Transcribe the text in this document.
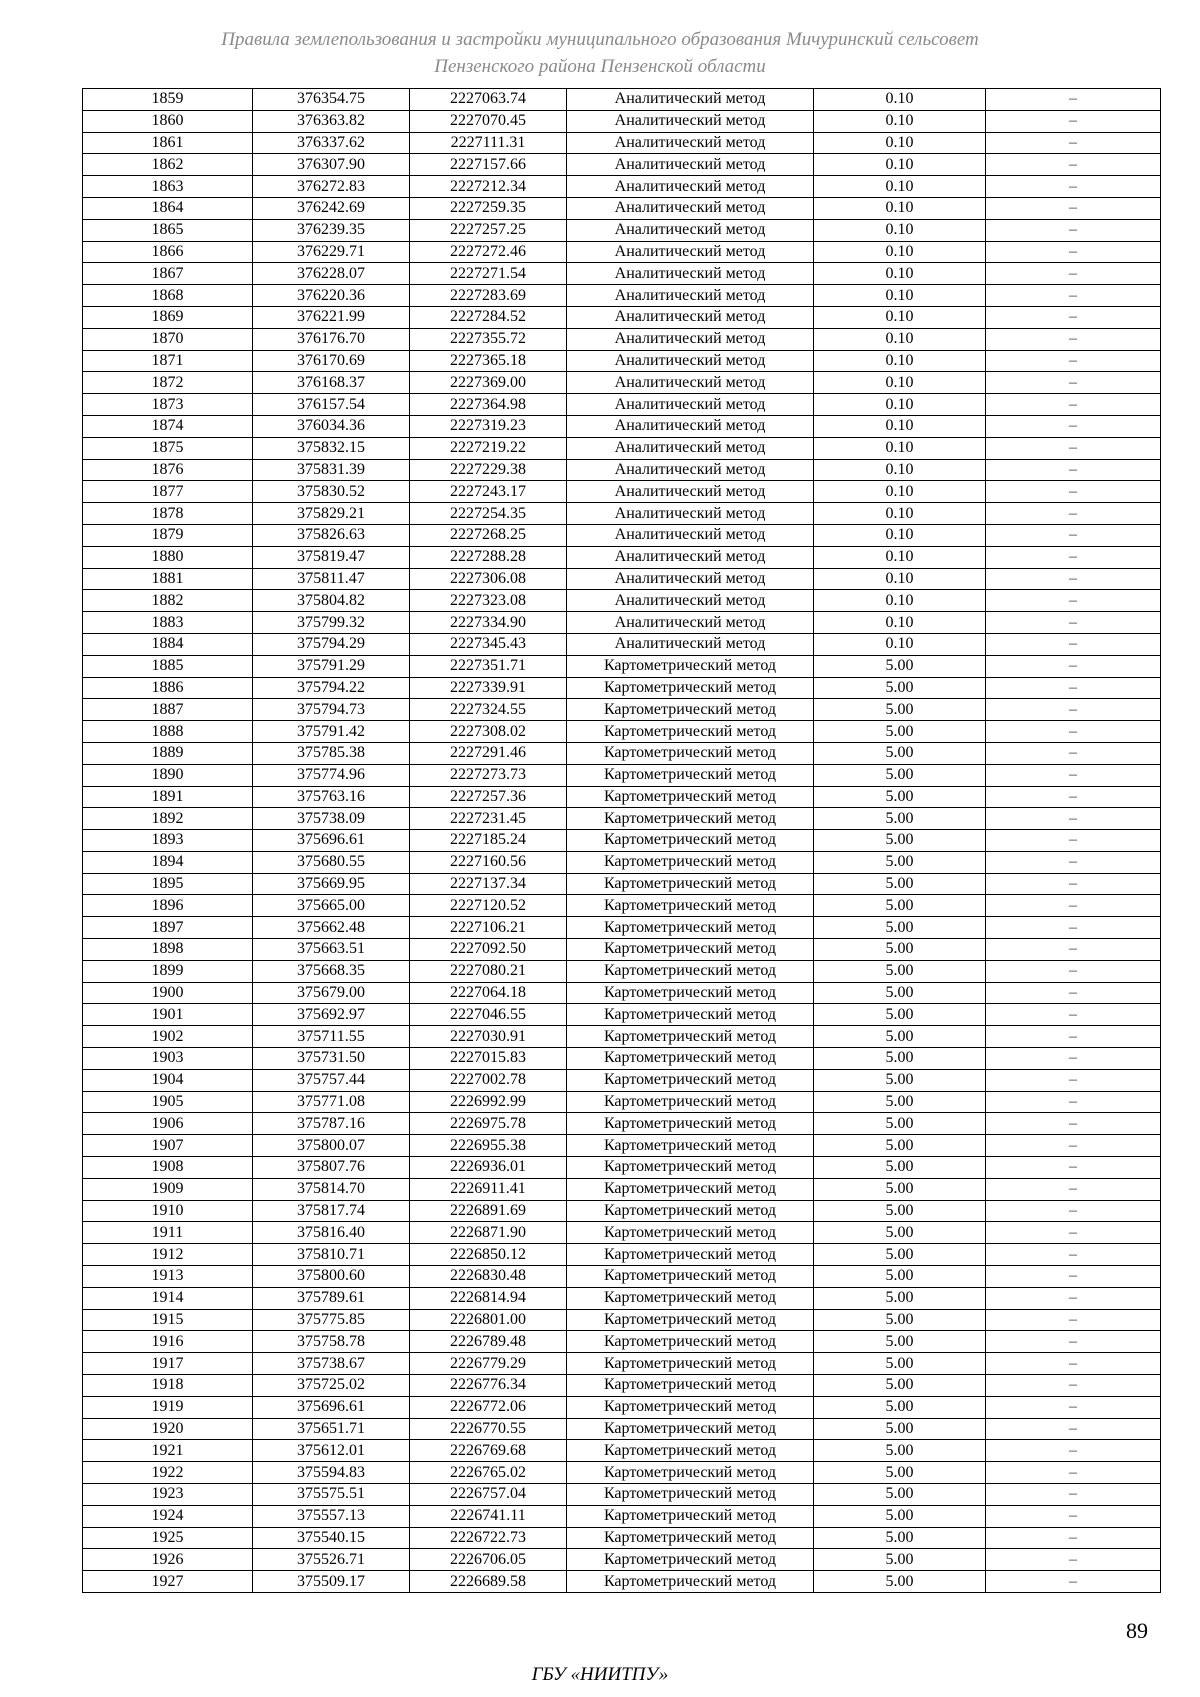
Правила землепользования и застройки муниципального образования Мичуринский сельсовет
Пензенского района Пензенской области
1859	376354.75	2227063.74	Аналитический метод	0.10	–
1860	376363.82	2227070.45	Аналитический метод	0.10	–
1861	376337.62	2227111.31	Аналитический метод	0.10	–
1862	376307.90	2227157.66	Аналитический метод	0.10	–
1863	376272.83	2227212.34	Аналитический метод	0.10	–
1864	376242.69	2227259.35	Аналитический метод	0.10	–
1865	376239.35	2227257.25	Аналитический метод	0.10	–
1866	376229.71	2227272.46	Аналитический метод	0.10	–
1867	376228.07	2227271.54	Аналитический метод	0.10	–
1868	376220.36	2227283.69	Аналитический метод	0.10	–
1869	376221.99	2227284.52	Аналитический метод	0.10	–
1870	376176.70	2227355.72	Аналитический метод	0.10	–
1871	376170.69	2227365.18	Аналитический метод	0.10	–
1872	376168.37	2227369.00	Аналитический метод	0.10	–
1873	376157.54	2227364.98	Аналитический метод	0.10	–
1874	376034.36	2227319.23	Аналитический метод	0.10	–
1875	375832.15	2227219.22	Аналитический метод	0.10	–
1876	375831.39	2227229.38	Аналитический метод	0.10	–
1877	375830.52	2227243.17	Аналитический метод	0.10	–
1878	375829.21	2227254.35	Аналитический метод	0.10	–
1879	375826.63	2227268.25	Аналитический метод	0.10	–
1880	375819.47	2227288.28	Аналитический метод	0.10	–
1881	375811.47	2227306.08	Аналитический метод	0.10	–
1882	375804.82	2227323.08	Аналитический метод	0.10	–
1883	375799.32	2227334.90	Аналитический метод	0.10	–
1884	375794.29	2227345.43	Аналитический метод	0.10	–
1885	375791.29	2227351.71	Картометрический метод	5.00	–
1886	375794.22	2227339.91	Картометрический метод	5.00	–
1887	375794.73	2227324.55	Картометрический метод	5.00	–
1888	375791.42	2227308.02	Картометрический метод	5.00	–
1889	375785.38	2227291.46	Картометрический метод	5.00	–
1890	375774.96	2227273.73	Картометрический метод	5.00	–
1891	375763.16	2227257.36	Картометрический метод	5.00	–
1892	375738.09	2227231.45	Картометрический метод	5.00	–
1893	375696.61	2227185.24	Картометрический метод	5.00	–
1894	375680.55	2227160.56	Картометрический метод	5.00	–
1895	375669.95	2227137.34	Картометрический метод	5.00	–
1896	375665.00	2227120.52	Картометрический метод	5.00	–
1897	375662.48	2227106.21	Картометрический метод	5.00	–
1898	375663.51	2227092.50	Картометрический метод	5.00	–
1899	375668.35	2227080.21	Картометрический метод	5.00	–
1900	375679.00	2227064.18	Картометрический метод	5.00	–
1901	375692.97	2227046.55	Картометрический метод	5.00	–
1902	375711.55	2227030.91	Картометрический метод	5.00	–
1903	375731.50	2227015.83	Картометрический метод	5.00	–
1904	375757.44	2227002.78	Картометрический метод	5.00	–
1905	375771.08	2226992.99	Картометрический метод	5.00	–
1906	375787.16	2226975.78	Картометрический метод	5.00	–
1907	375800.07	2226955.38	Картометрический метод	5.00	–
1908	375807.76	2226936.01	Картометрический метод	5.00	–
1909	375814.70	2226911.41	Картометрический метод	5.00	–
1910	375817.74	2226891.69	Картометрический метод	5.00	–
1911	375816.40	2226871.90	Картометрический метод	5.00	–
1912	375810.71	2226850.12	Картометрический метод	5.00	–
1913	375800.60	2226830.48	Картометрический метод	5.00	–
1914	375789.61	2226814.94	Картометрический метод	5.00	–
1915	375775.85	2226801.00	Картометрический метод	5.00	–
1916	375758.78	2226789.48	Картометрический метод	5.00	–
1917	375738.67	2226779.29	Картометрический метод	5.00	–
1918	375725.02	2226776.34	Картометрический метод	5.00	–
1919	375696.61	2226772.06	Картометрический метод	5.00	–
1920	375651.71	2226770.55	Картометрический метод	5.00	–
1921	375612.01	2226769.68	Картометрический метод	5.00	–
1922	375594.83	2226765.02	Картометрический метод	5.00	–
1923	375575.51	2226757.04	Картометрический метод	5.00	–
1924	375557.13	2226741.11	Картометрический метод	5.00	–
1925	375540.15	2226722.73	Картометрический метод	5.00	–
1926	375526.71	2226706.05	Картометрический метод	5.00	–
1927	375509.17	2226689.58	Картометрический метод	5.00	–
89
ГБУ «НИИТПУ»
